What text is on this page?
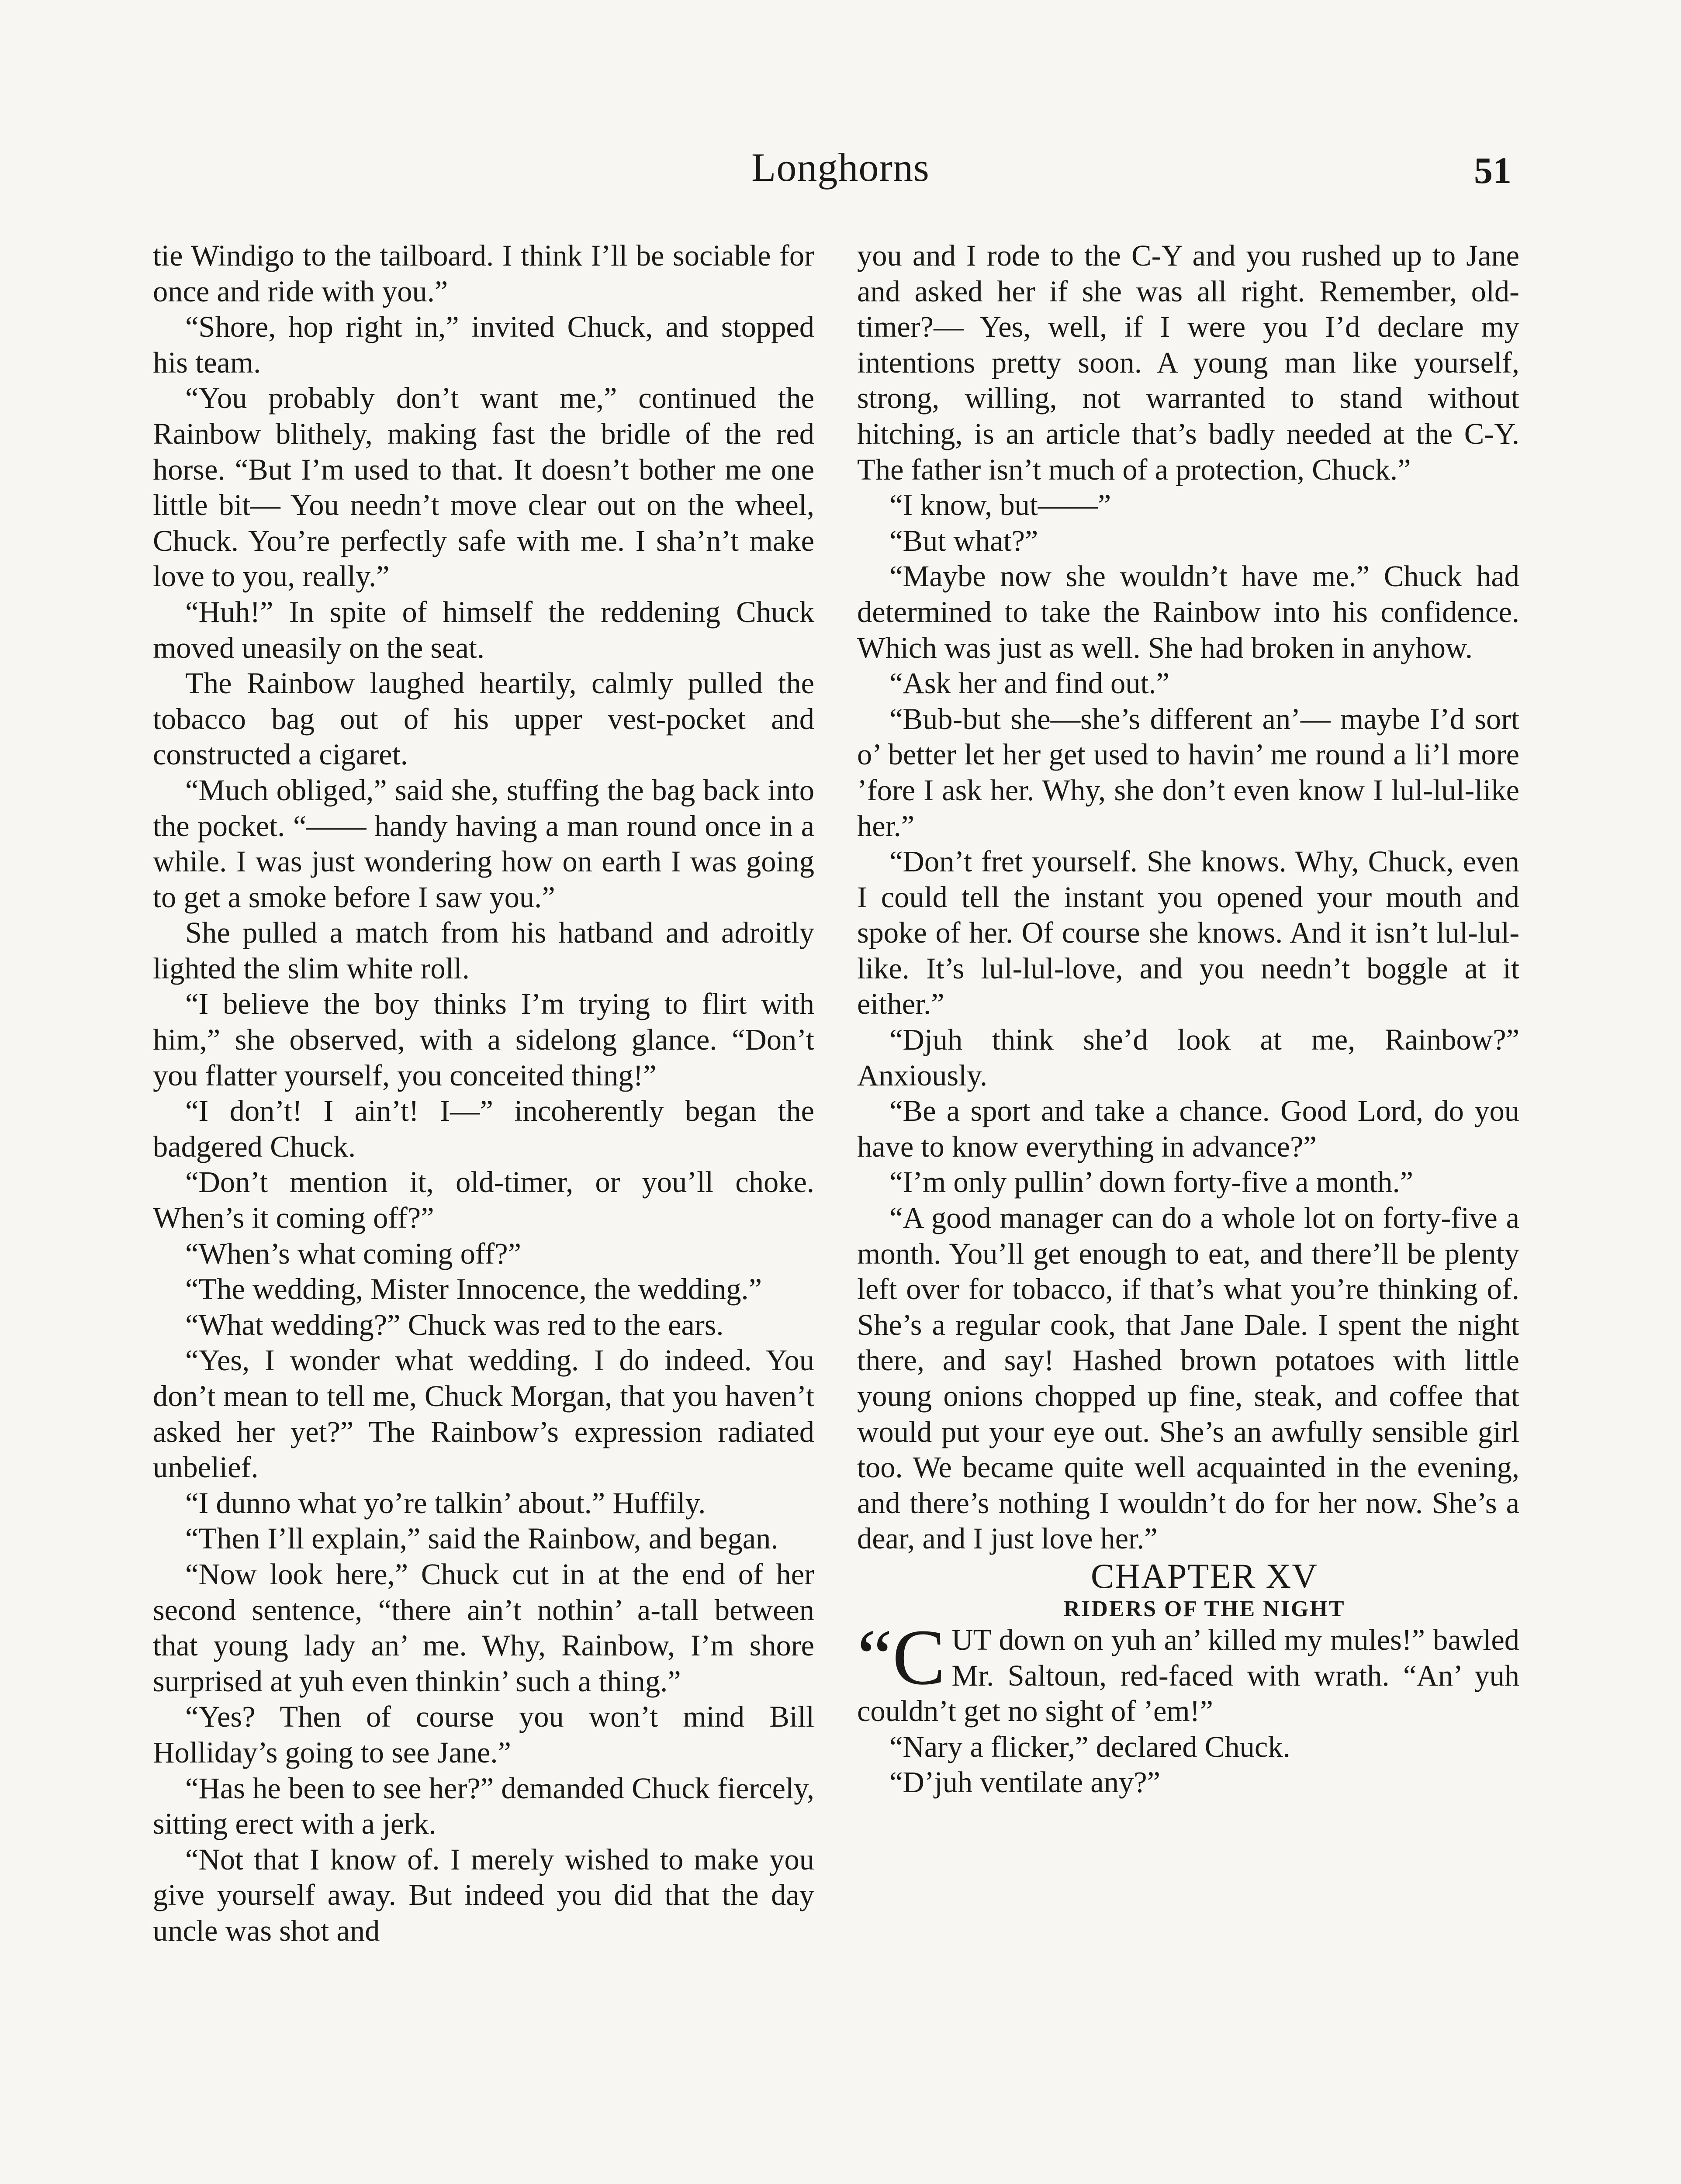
Longhorns	51

tie Windigo to the tailboard. I think I’ll be sociable for once and ride with you.”

“Shore, hop right in,” invited Chuck, and stopped his team.

“You probably don’t want me,” continued the Rainbow blithely, making fast the bridle of the red horse. “But I’m used to that. It doesn’t bother me one little bit— You needn’t move clear out on the wheel, Chuck. You’re perfectly safe with me. I sha’n’t make love to you, really.”

“Huh!” In spite of himself the reddening Chuck moved uneasily on the seat.

The Rainbow laughed heartily, calmly pulled the tobacco bag out of his upper vest-pocket and constructed a cigaret.

“Much obliged,” said she, stuffing the bag back into the pocket. “—— handy having a man round once in a while. I was just wondering how on earth I was going to get a smoke before I saw you.”

She pulled a match from his hatband and adroitly lighted the slim white roll.

“I believe the boy thinks I’m trying to flirt with him,” she observed, with a sidelong glance. “Don’t you flatter yourself, you conceited thing!”

“I don’t! I ain’t! I—” incoherently began the badgered Chuck.

“Don’t mention it, old-timer, or you’ll choke. When’s it coming off?”

“When’s what coming off?”

“The wedding, Mister Innocence, the wedding.”

“What wedding?” Chuck was red to the ears.

“Yes, I wonder what wedding. I do indeed. You don’t mean to tell me, Chuck Morgan, that you haven’t asked her yet?” The Rainbow’s expression radiated unbelief.

“I dunno what yo’re talkin’ about.” Huffily.

“Then I’ll explain,” said the Rainbow, and began.

“Now look here,” Chuck cut in at the end of her second sentence, “there ain’t nothin’ a-tall between that young lady an’ me. Why, Rainbow, I’m shore surprised at yuh even thinkin’ such a thing.”

“Yes? Then of course you won’t mind Bill Holliday’s going to see Jane.”

“Has he been to see her?” demanded Chuck fiercely, sitting erect with a jerk.

“Not that I know of. I merely wished to make you give yourself away. But indeed you did that the day uncle was shot and

you and I rode to the C-Y and you rushed up to Jane and asked her if she was all right. Remember, old-timer?— Yes, well, if I were you I’d declare my intentions pretty soon. A young man like yourself, strong, willing, not warranted to stand without hitching, is an article that’s badly needed at the C-Y. The father isn’t much of a protection, Chuck.”

“I know, but——”

“But what?”

“Maybe now she wouldn’t have me.” Chuck had determined to take the Rainbow into his confidence. Which was just as well. She had broken in anyhow.

“Ask her and find out.”

“Bub-but she—she’s different an’— maybe I’d sort o’ better let her get used to havin’ me round a li’l more ’fore I ask her. Why, she don’t even know I lul-lul-like her.”

“Don’t fret yourself. She knows. Why, Chuck, even I could tell the instant you opened your mouth and spoke of her. Of course she knows. And it isn’t lul-lul-like. It’s lul-lul-love, and you needn’t boggle at it either.”

“Djuh think she’d look at me, Rainbow?” Anxiously.

“Be a sport and take a chance. Good Lord, do you have to know everything in advance?”

“I’m only pullin’ down forty-five a month.”

“A good manager can do a whole lot on forty-five a month. You’ll get enough to eat, and there’ll be plenty left over for tobacco, if that’s what you’re thinking of. She’s a regular cook, that Jane Dale. I spent the night there, and say! Hashed brown potatoes with little young onions chopped up fine, steak, and coffee that would put your eye out. She’s an awfully sensible girl too. We became quite well acquainted in the evening, and there’s nothing I wouldn’t do for her now. She’s a dear, and I just love her.”

CHAPTER XV

RIDERS OF THE NIGHT

“C UT down on yuh an’ killed my mules!” bawled Mr. Saltoun, red-faced with wrath. “An’ yuh couldn’t get no sight of ’em!”

“Nary a flicker,” declared Chuck.

“D’juh ventilate any?”
